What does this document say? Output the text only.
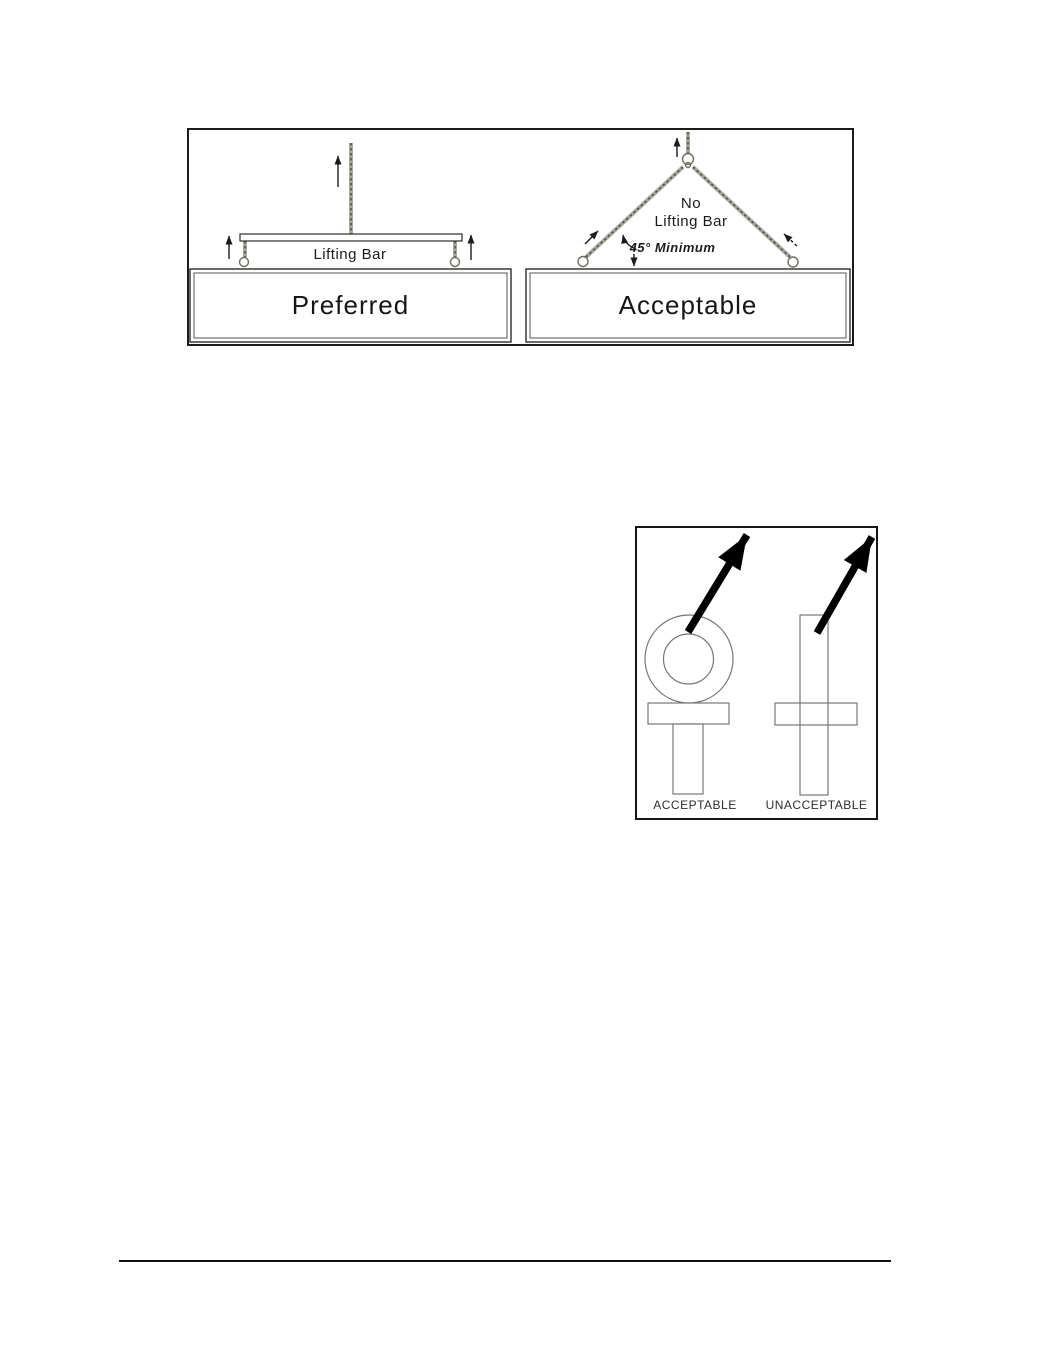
Lifting Bar
No
Lifting Bar
45° Minimum
Preferred	Acceptable
ACCEPTABLE	UNACCEPTABLE
